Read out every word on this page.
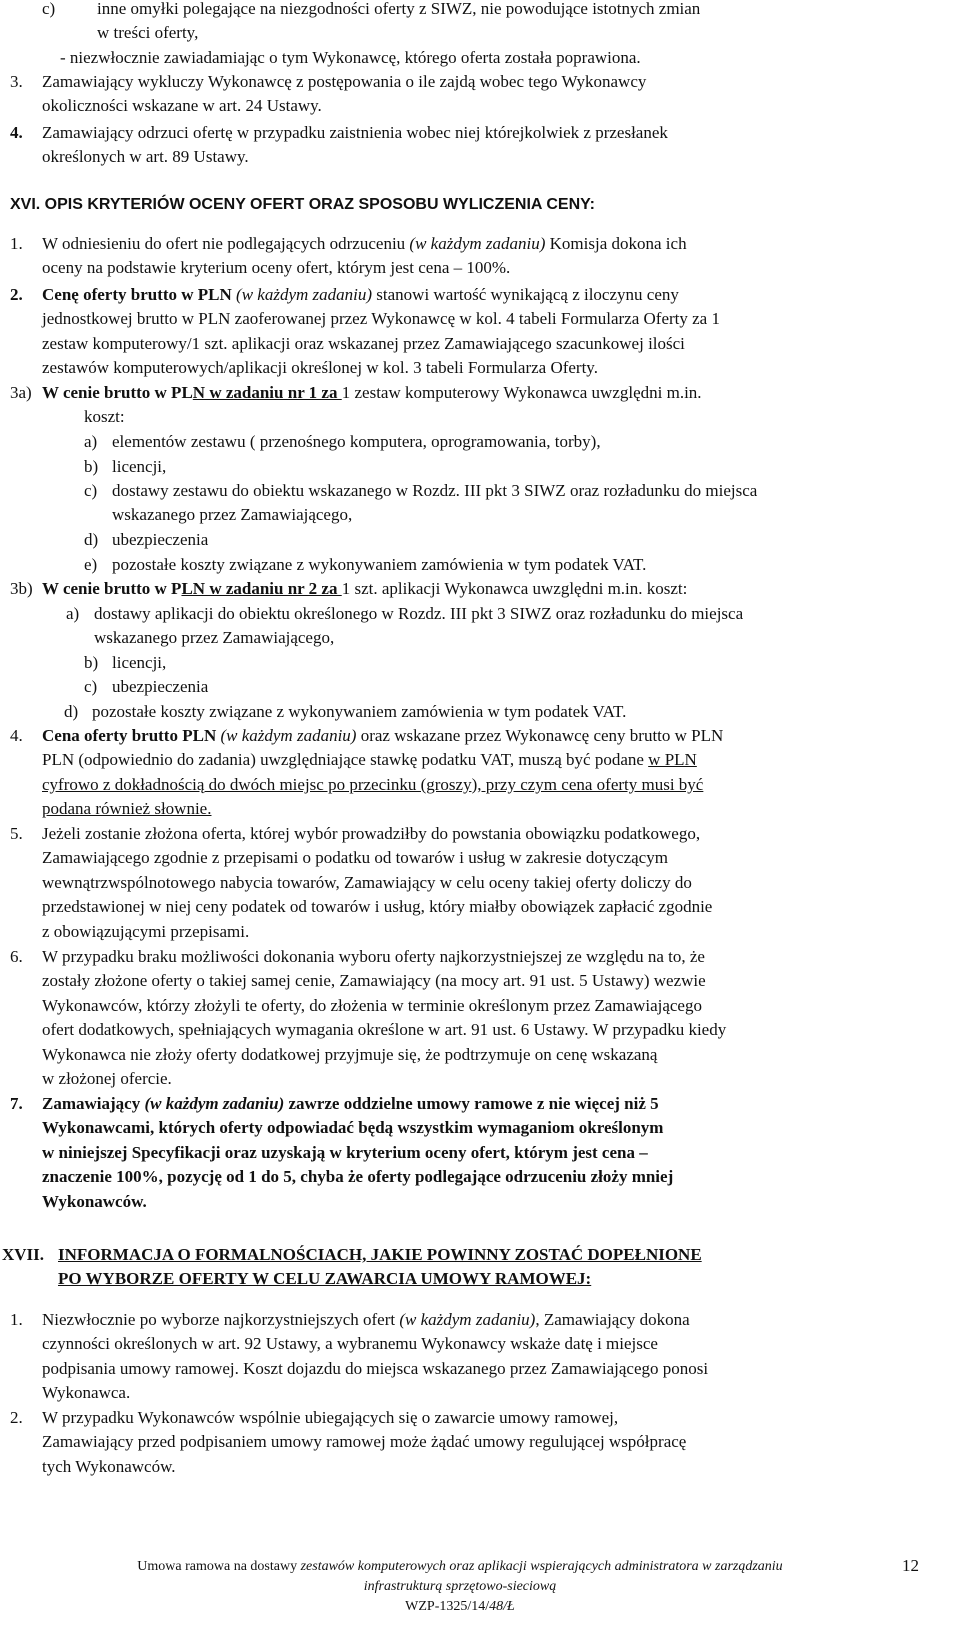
c) inne omyłki polegające na niezgodności oferty z SIWZ, nie powodujące istotnych zmian
w treści oferty,
- niezwłocznie zawiadamiając o tym Wykonawcę, którego oferta została poprawiona.
3. Zamawiający wykluczy Wykonawcę z postępowania o ile zajdą wobec tego Wykonawcy
okoliczności wskazane w art. 24 Ustawy.
4. Zamawiający odrzuci ofertę w przypadku zaistnienia wobec niej którejkolwiek z przesłanek
określonych w art. 89 Ustawy.
XVI. OPIS KRYTERIÓW OCENY OFERT ORAZ SPOSOBU WYLICZENIA CENY:
1. W odniesieniu do ofert nie podlegających odrzuceniu (w każdym zadaniu) Komisja dokona ich
oceny na podstawie kryterium oceny ofert, którym jest cena – 100%.
2. Cenę oferty brutto w PLN (w każdym zadaniu) stanowi wartość wynikającą z iloczynu ceny
jednostkowej brutto w PLN zaoferowanej przez Wykonawcę w kol. 4 tabeli Formularza Oferty za 1
zestaw komputerowy/1 szt. aplikacji oraz wskazanej przez Zamawiającego szacunkowej ilości
zestawów komputerowych/aplikacji określonej w kol. 3 tabeli Formularza Oferty.
3a) W cenie brutto w PLN w zadaniu nr 1 za 1 zestaw komputerowy Wykonawca uwzględni m.in.
koszt:
a) elementów zestawu ( przenośnego komputera, oprogramowania, torby),
b) licencji,
c) dostawy zestawu do obiektu wskazanego w Rozdz. III pkt 3 SIWZ oraz rozładunku do miejsca
wskazanego przez Zamawiającego,
d) ubezpieczenia
e) pozostałe koszty związane z wykonywaniem zamówienia w tym podatek VAT.
3b) W cenie brutto w PLN w zadaniu nr 2 za 1 szt. aplikacji Wykonawca uwzględni m.in. koszt:
a) dostawy aplikacji do obiektu określonego w Rozdz. III pkt 3 SIWZ oraz rozładunku do miejsca
wskazanego przez Zamawiającego,
b) licencji,
c) ubezpieczenia
d) pozostałe koszty związane z wykonywaniem zamówienia w tym podatek VAT.
4. Cena oferty brutto PLN (w każdym zadaniu) oraz wskazane przez Wykonawcę ceny brutto w PLN
PLN (odpowiednio do zadania) uwzględniające stawkę podatku VAT, muszą być podane w PLN
cyfrowo z dokładnością do dwóch miejsc po przecinku (groszy), przy czym cena oferty musi być
podana również słownie.
5. Jeżeli zostanie złożona oferta, której wybór prowadziłby do powstania obowiązku podatkowego,
Zamawiającego zgodnie z przepisami o podatku od towarów i usług w zakresie dotyczącym
wewnątrzwspólnotowego nabycia towarów, Zamawiający w celu oceny takiej oferty doliczy do
przedstawionej w niej ceny podatek od towarów i usług, który miałby obowiązek zapłacić zgodnie
z obowiązującymi przepisami.
6. W przypadku braku możliwości dokonania wyboru oferty najkorzystniejszej ze względu na to, że
zostały złożone oferty o takiej samej cenie, Zamawiający (na mocy art. 91 ust. 5 Ustawy) wezwie
Wykonawców, którzy złożyli te oferty, do złożenia w terminie określonym przez Zamawiającego
ofert dodatkowych, spełniających wymagania określone w art. 91 ust. 6 Ustawy. W przypadku kiedy
Wykonawca nie złoży oferty dodatkowej przyjmuje się, że podtrzymuje on cenę wskazaną
w złożonej ofercie.
7. Zamawiający (w każdym zadaniu) zawrze oddzielne umowy ramowe z nie więcej niż 5
Wykonawcami, których oferty odpowiadać będą wszystkim wymaganiom określonym
w niniejszej Specyfikacji oraz uzyskają w kryterium oceny ofert, którym jest cena –
znaczenie 100%, pozycję od 1 do 5, chyba że oferty podlegające odrzuceniu złoży mniej
Wykonawców.
XVII. INFORMACJA O FORMALNOŚCIACH, JAKIE POWINNY ZOSTAĆ DOPEŁNIONE
PO WYBORZE OFERTY W CELU ZAWARCIA UMOWY RAMOWEJ:
1. Niezwłocznie po wyborze najkorzystniejszych ofert (w każdym zadaniu), Zamawiający dokona
czynności określonych w art. 92 Ustawy, a wybranemu Wykonawcy wskaże datę i miejsce
podpisania umowy ramowej. Koszt dojazdu do miejsca wskazanego przez Zamawiającego ponosi
Wykonawca.
2. W przypadku Wykonawców wspólnie ubiegających się o zawarcie umowy ramowej,
Zamawiający przed podpisaniem umowy ramowej może żądać umowy regulującej współpracę
tych Wykonawców.
Umowa ramowa na dostawy zestawów komputerowych oraz aplikacji wspierających administratora w zarządzaniu
infrastrukturą sprzętowo-sieciową
WZP-1325/14/48/Ł
12
